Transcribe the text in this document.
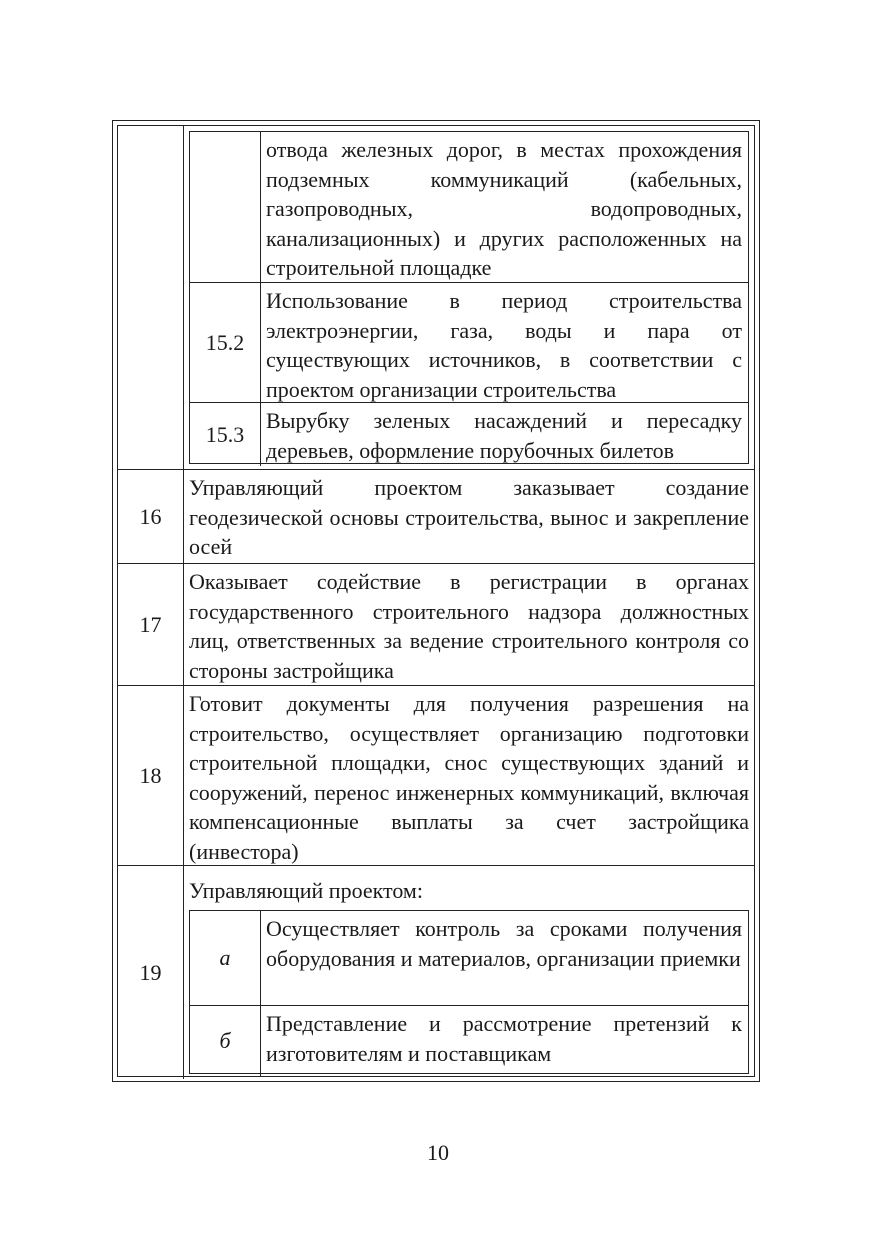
отвода железных дорог, в местах прохождения подземных коммуникаций (кабельных, газопроводных, водопроводных, канализационных) и других расположенных на строительной площадке

15.2

Использование в период строительства электроэнергии, газа, воды и пара от существующих источников, в соответствии с проектом организации строительства

15.3

Вырубку зеленых насаждений и пересадку деревьев, оформление порубочных билетов

16

Управляющий проектом заказывает создание геодезической основы строительства, вынос и закрепление осей

17

Оказывает содействие в регистрации в органах государственного строительного надзора должностных лиц, ответственных за ведение строительного контроля со стороны застройщика

18

Готовит документы для получения разрешения на строительство, осуществляет организацию подготовки строительной площадки, снос существующих зданий и сооружений, перенос инженерных коммуникаций, включая компенсационные выплаты за счет застройщика (инвестора)

19

Управляющий проектом:

а

Осуществляет контроль за сроками получения оборудования и материалов, организации приемки

б

Представление и рассмотрение претензий к изготовителям и поставщикам

10
